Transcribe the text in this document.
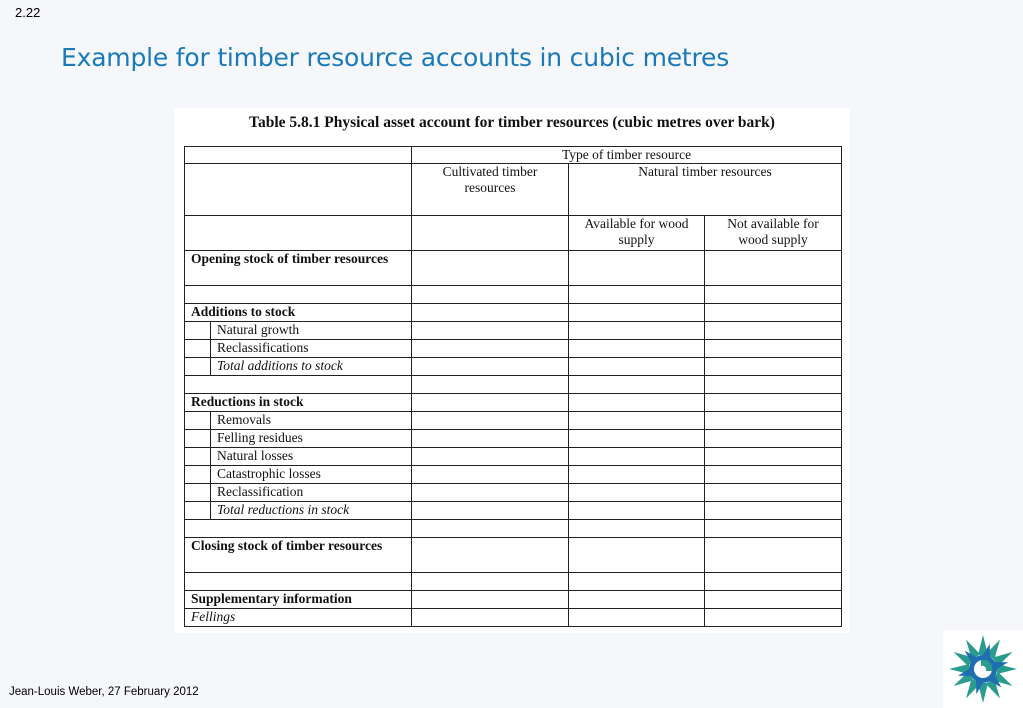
2.22
Example for timber resource accounts in cubic metres
Table 5.8.1 Physical asset account for timber resources (cubic metres over bark)
		Type of timber resource		
		Cultivated timber resources	Natural timber resources	
			Available for wood supply	Not available for wood supply
Opening stock of timber resources				

Additions to stock				
	Natural growth			
	Reclassifications			
	Total additions to stock			

Reductions in stock				
	Removals			
	Felling residues			
	Natural losses			
	Catastrophic losses			
	Reclassification			
	Total reductions in stock			

Closing stock of timber resources				

Supplementary information				
Fellings				
Jean-Louis Weber, 27 February 2012
